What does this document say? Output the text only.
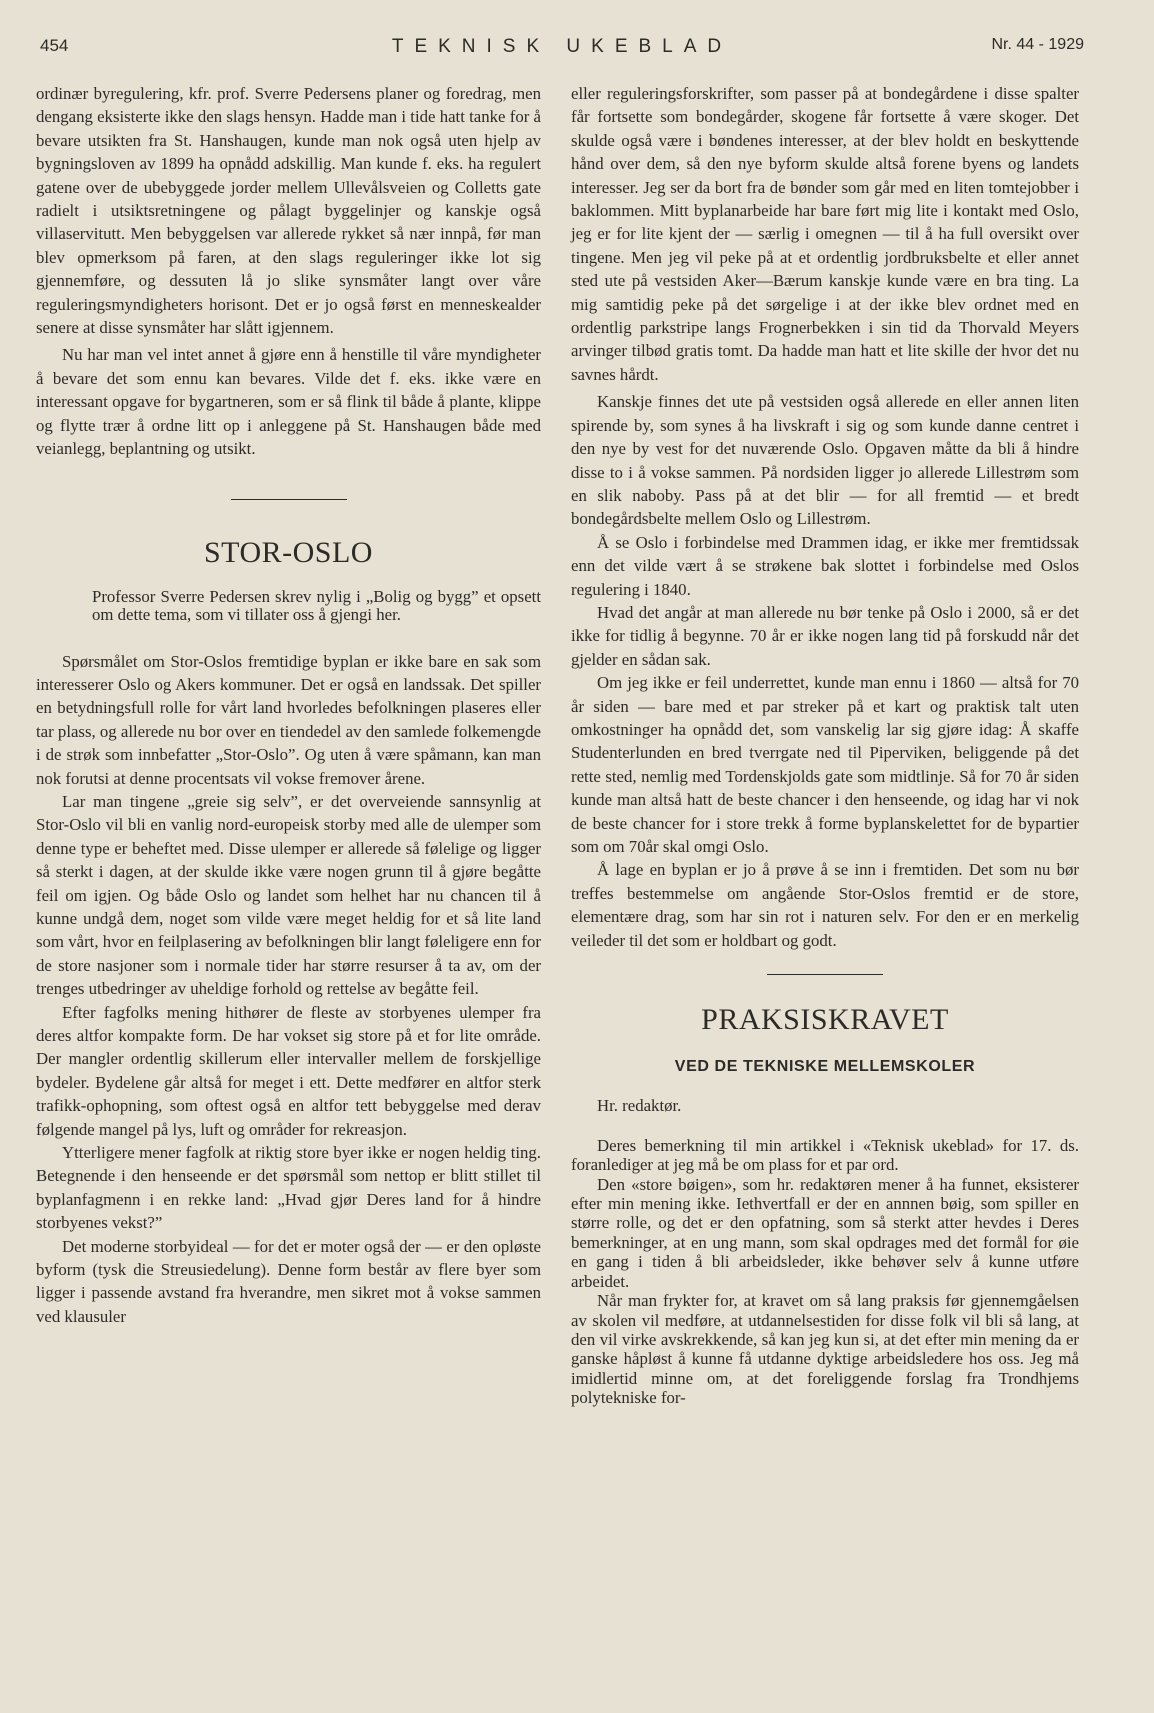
454	TEKNISK UKEBLAD	Nr. 44 - 1929

ordinær byregulering, kfr. prof. Sverre Pedersens planer og foredrag, men dengang eksisterte ikke den slags hensyn. Hadde man i tide hatt tanke for å bevare utsikten fra St. Hanshaugen, kunde man nok også uten hjelp av bygningsloven av 1899 ha opnådd adskillig. Man kunde f. eks. ha regulert gatene over de ubebyggede jorder mellem Ullevålsveien og Colletts gate radielt i utsiktsretningene og pålagt byggelinjer og kanskje også villaservitutt. Men bebyggelsen var allerede rykket så nær innpå, før man blev opmerksom på faren, at den slags reguleringer ikke lot sig gjennemføre, og dessuten lå jo slike synsmåter langt over våre reguleringsmyndigheters horisont. Det er jo også først en menneskealder senere at disse synsmåter har slått igjennem.

Nu har man vel intet annet å gjøre enn å henstille til våre myndigheter å bevare det som ennu kan bevares. Vilde det f. eks. ikke være en interessant opgave for bygartneren, som er så flink til både å plante, klippe og flytte trær å ordne litt op i anleggene på St. Hanshaugen både med veianlegg, beplantning og utsikt.

STOR-OSLO

Professor Sverre Pedersen skrev nylig i „Bolig og bygg” et opsett om dette tema, som vi tillater oss å gjengi her.

Spørsmålet om Stor-Oslos fremtidige byplan er ikke bare en sak som interesserer Oslo og Akers kommuner. Det er også en landssak. Det spiller en betydningsfull rolle for vårt land hvorledes befolkningen plaseres eller tar plass, og allerede nu bor over en tiendedel av den samlede folkemengde i de strøk som innbefatter „Stor-Oslo”. Og uten å være spåmann, kan man nok forutsi at denne procentsats vil vokse fremover årene.

Lar man tingene „greie sig selv”, er det overveiende sannsynlig at Stor-Oslo vil bli en vanlig nord-europeisk storby med alle de ulemper som denne type er beheftet med. Disse ulemper er allerede så følelige og ligger så sterkt i dagen, at der skulde ikke være nogen grunn til å gjøre begåtte feil om igjen. Og både Oslo og landet som helhet har nu chancen til å kunne undgå dem, noget som vilde være meget heldig for et så lite land som vårt, hvor en feilplasering av befolkningen blir langt føleligere enn for de store nasjoner som i normale tider har større resurser å ta av, om der trenges utbedringer av uheldige forhold og rettelse av begåtte feil.

Efter fagfolks mening hithører de fleste av storbyenes ulemper fra deres altfor kompakte form. De har vokset sig store på et for lite område. Der mangler ordentlig skillerum eller intervaller mellem de forskjellige bydeler. Bydelene går altså for meget i ett. Dette medfører en altfor sterk trafikk-ophopning, som oftest også en altfor tett bebyggelse med derav følgende mangel på lys, luft og områder for rekreasjon.

Ytterligere mener fagfolk at riktig store byer ikke er nogen heldig ting. Betegnende i den henseende er det spørsmål som nettop er blitt stillet til byplanfagmenn i en rekke land: „Hvad gjør Deres land for å hindre storbyenes vekst?”

Det moderne storbyideal — for det er moter også der — er den opløste byform (tysk die Streusiedelung). Denne form består av flere byer som ligger i passende avstand fra hverandre, men sikret mot å vokse sammen ved klausuler

eller reguleringsforskrifter, som passer på at bondegårdene i disse spalter får fortsette som bondegårder, skogene får fortsette å være skoger. Det skulde også være i bøndenes interesser, at der blev holdt en beskyttende hånd over dem, så den nye byform skulde altså forene byens og landets interesser. Jeg ser da bort fra de bønder som går med en liten tomtejobber i baklommen. Mitt byplanarbeide har bare ført mig lite i kontakt med Oslo, jeg er for lite kjent der — særlig i omegnen — til å ha full oversikt over tingene. Men jeg vil peke på at et ordentlig jordbruksbelte et eller annet sted ute på vestsiden Aker—Bærum kanskje kunde være en bra ting. La mig samtidig peke på det sørgelige i at der ikke blev ordnet med en ordentlig parkstripe langs Frognerbekken i sin tid da Thorvald Meyers arvinger tilbød gratis tomt. Da hadde man hatt et lite skille der hvor det nu savnes hårdt.

Kanskje finnes det ute på vestsiden også allerede en eller annen liten spirende by, som synes å ha livskraft i sig og som kunde danne centret i den nye by vest for det nuværende Oslo. Opgaven måtte da bli å hindre disse to i å vokse sammen. På nordsiden ligger jo allerede Lillestrøm som en slik naboby. Pass på at det blir — for all fremtid — et bredt bondegårdsbelte mellem Oslo og Lillestrøm.

Å se Oslo i forbindelse med Drammen idag, er ikke mer fremtidssak enn det vilde vært å se strøkene bak slottet i forbindelse med Oslos regulering i 1840.

Hvad det angår at man allerede nu bør tenke på Oslo i 2000, så er det ikke for tidlig å begynne. 70 år er ikke nogen lang tid på forskudd når det gjelder en sådan sak.

Om jeg ikke er feil underrettet, kunde man ennu i 1860 — altså for 70 år siden — bare med et par streker på et kart og praktisk talt uten omkostninger ha opnådd det, som vanskelig lar sig gjøre idag: Å skaffe Studenterlunden en bred tverrgate ned til Piperviken, beliggende på det rette sted, nemlig med Tordenskjolds gate som midtlinje. Så for 70 år siden kunde man altså hatt de beste chancer i den henseende, og idag har vi nok de beste chancer for i store trekk å forme byplanskelettet for de bypartier som om 70år skal omgi Oslo.

Å lage en byplan er jo å prøve å se inn i fremtiden. Det som nu bør treffes bestemmelse om angående Stor-Oslos fremtid er de store, elementære drag, som har sin rot i naturen selv. For den er en merkelig veileder til det som er holdbart og godt.

PRAKSISKRAVET
VED DE TEKNISKE MELLEMSKOLER

Hr. redaktør.

Deres bemerkning til min artikkel i «Teknisk ukeblad» for 17. ds. foranlediger at jeg må be om plass for et par ord.

Den «store bøigen», som hr. redaktøren mener å ha funnet, eksisterer efter min mening ikke. Iethvertfall er der en annnen bøig, som spiller en større rolle, og det er den opfatning, som så sterkt atter hevdes i Deres bemerkninger, at en ung mann, som skal opdrages med det formål for øie en gang i tiden å bli arbeidsleder, ikke behøver selv å kunne utføre arbeidet.

Når man frykter for, at kravet om så lang praksis før gjennemgåelsen av skolen vil medføre, at utdannelsestiden for disse folk vil bli så lang, at den vil virke avskrekkende, så kan jeg kun si, at det efter min mening da er ganske håpløst å kunne få utdanne dyktige arbeidsledere hos oss. Jeg må imidlertid minne om, at det foreliggende forslag fra Trondhjems polytekniske for-
